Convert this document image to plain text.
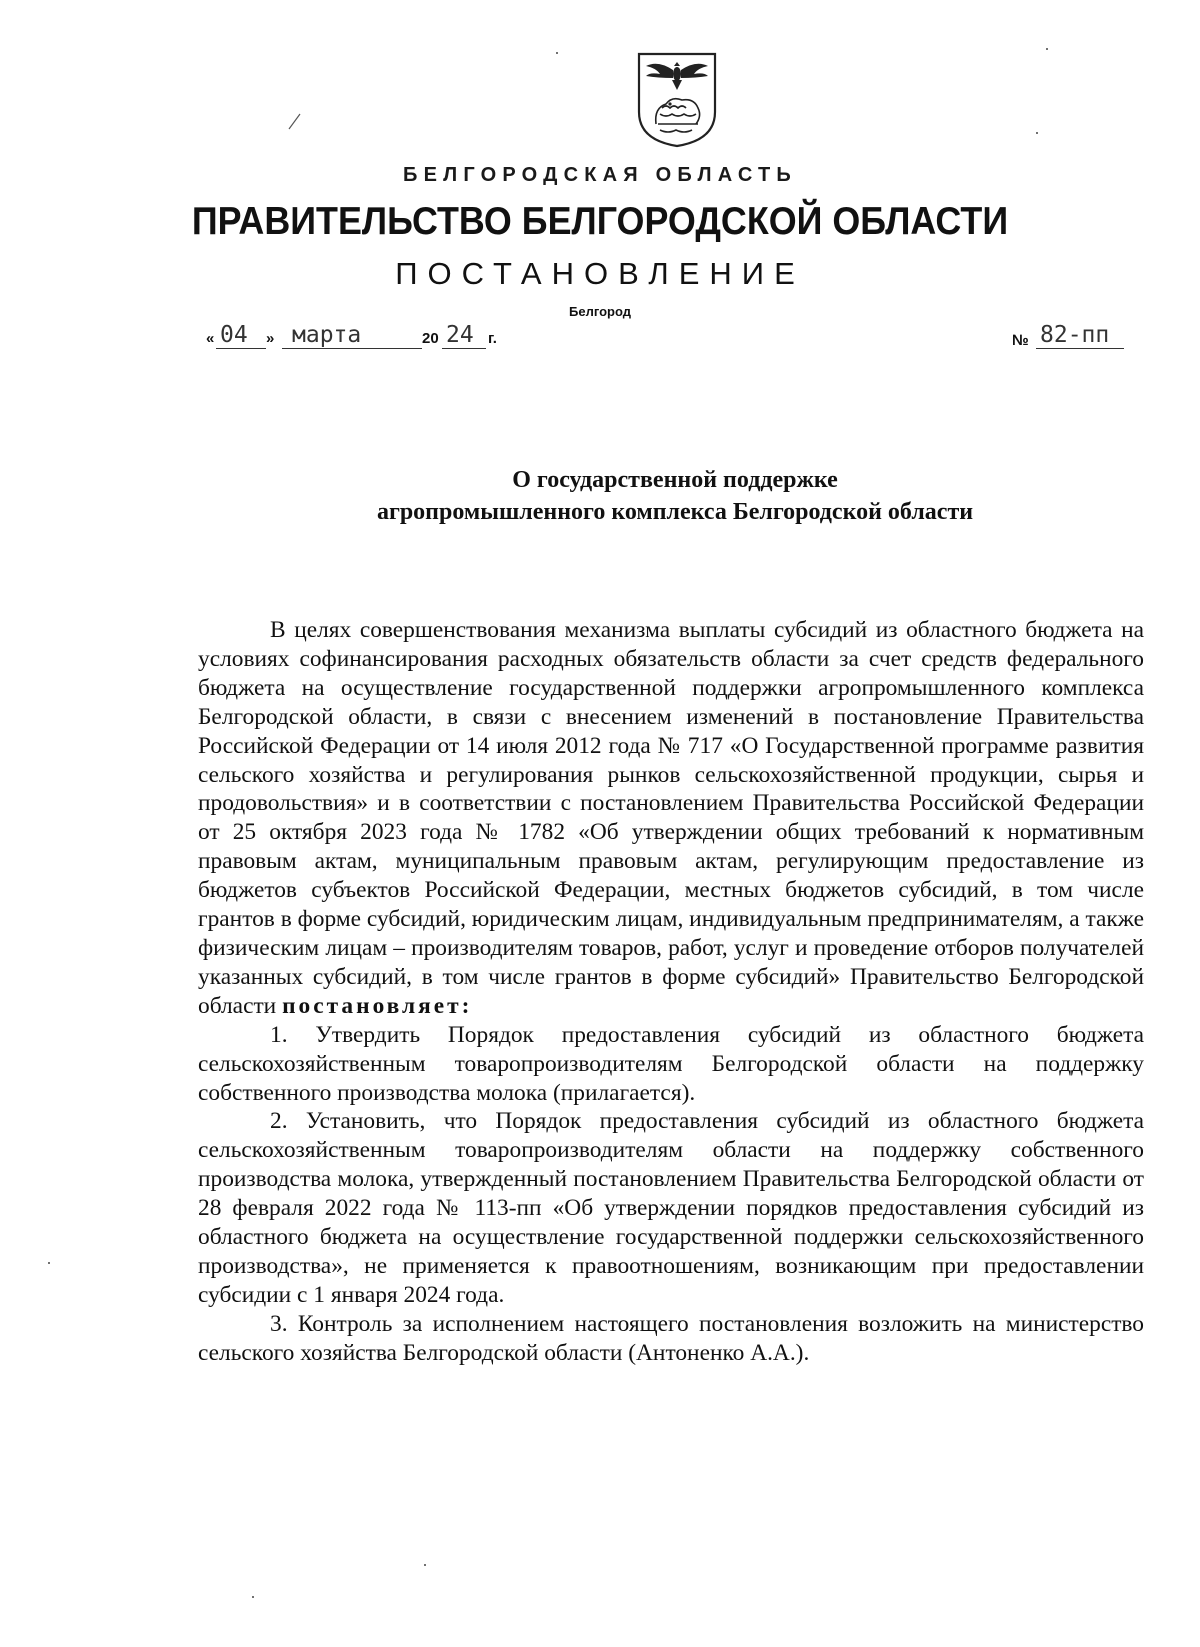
БЕЛГОРОДСКАЯ ОБЛАСТЬ
ПРАВИТЕЛЬСТВО БЕЛГОРОДСКОЙ ОБЛАСТИ
ПОСТАНОВЛЕНИЕ
Белгород
« 04 » марта	20 24 г.	№ 82-пп
О государственной поддержке
агропромышленного комплекса Белгородской области

В целях совершенствования механизма выплаты субсидий из областного бюджета на условиях софинансирования расходных обязательств области за счет средств федерального бюджета на осуществление государственной поддержки агропромышленного комплекса Белгородской области, в связи с внесением изменений в постановление Правительства Российской Федерации от 14 июля 2012 года № 717 «О Государственной программе развития сельского хозяйства и регулирования рынков сельскохозяйственной продукции, сырья и продовольствия» и в соответствии с постановлением Правительства Российской Федерации от 25 октября 2023 года № 1782 «Об утверждении общих требований к нормативным правовым актам, муниципальным правовым актам, регулирующим предоставление из бюджетов субъектов Российской Федерации, местных бюджетов субсидий, в том числе грантов в форме субсидий, юридическим лицам, индивидуальным предпринимателям, а также физическим лицам – производителям товаров, работ, услуг и проведение отборов получателей указанных субсидий, в том числе грантов в форме субсидий» Правительство Белгородской области постановляет:

1. Утвердить Порядок предоставления субсидий из областного бюджета сельскохозяйственным товаропроизводителям Белгородской области на поддержку собственного производства молока (прилагается).

2. Установить, что Порядок предоставления субсидий из областного бюджета сельскохозяйственным товаропроизводителям области на поддержку собственного производства молока, утвержденный постановлением Правительства Белгородской области от 28 февраля 2022 года № 113-пп «Об утверждении порядков предоставления субсидий из областного бюджета на осуществление государственной поддержки сельскохозяйственного производства», не применяется к правоотношениям, возникающим при предоставлении субсидии с 1 января 2024 года.

3. Контроль за исполнением настоящего постановления возложить на министерство сельского хозяйства Белгородской области (Антоненко А.А.).
